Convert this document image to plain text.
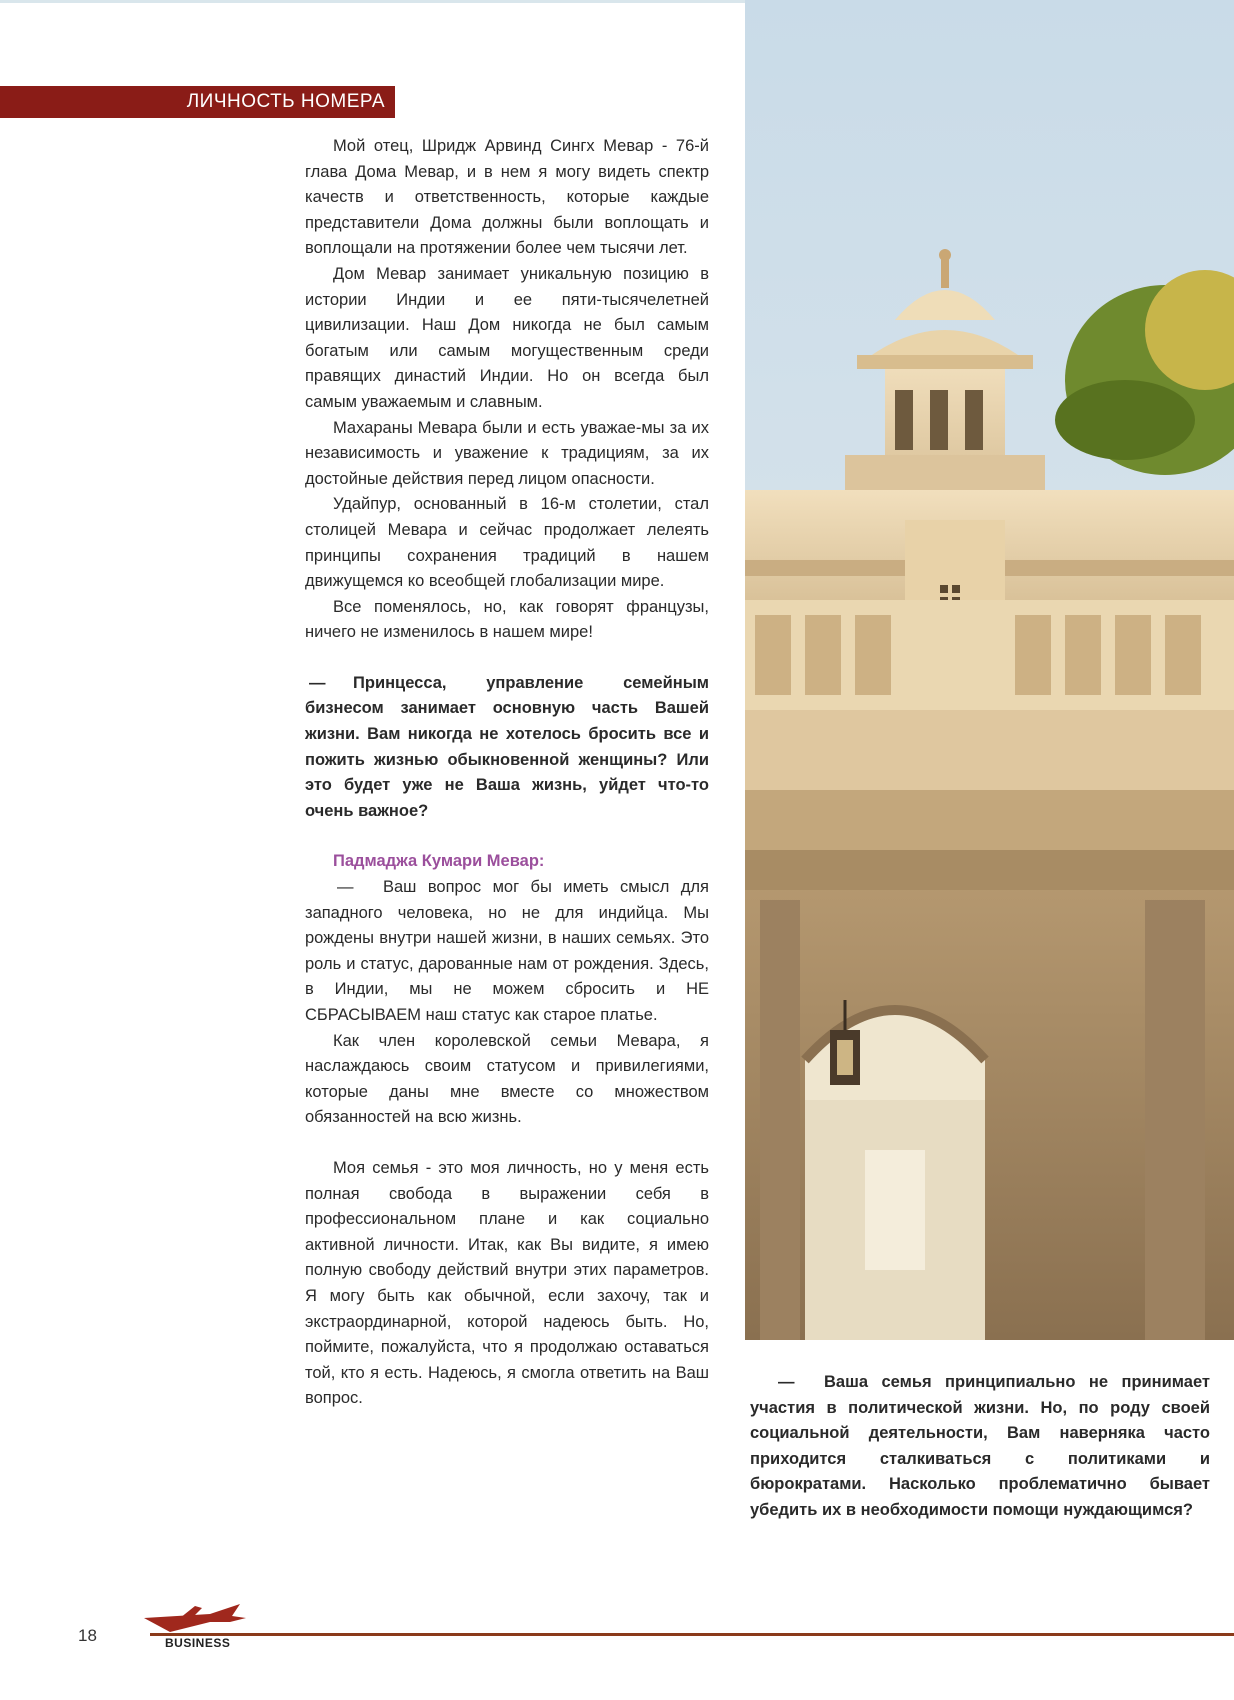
ЛИЧНОСТЬ НОМЕРА

Мой отец, Шридж Арвинд Сингх Мевар - 76-й глава Дома Мевар, и в нем я могу видеть спектр качеств и ответственность, которые каждые представители Дома должны были воплощать и воплощали на протяжении более чем тысячи лет.

Дом Мевар занимает уникальную позицию в истории Индии и ее пяти-тысячелетней цивилизации. Наш Дом никогда не был самым богатым или самым могущественным среди правящих династий Индии. Но он всегда был самым уважаемым и славным.

Махараны Мевара были и есть уважае-мы за их независимость и уважение к традициям, за их достойные действия перед лицом опасности.

Удайпур, основанный в 16-м столетии, стал столицей Мевара и сейчас продолжает лелеять принципы сохранения традиций в нашем движущемся ко всеобщей глобализации мире.

Все поменялось, но, как говорят французы, ничего не изменилось в нашем мире!

— Принцесса, управление семейным бизнесом занимает основную часть Вашей жизни. Вам никогда не хотелось бросить все и пожить жизнью обыкновенной женщины? Или это будет уже не Ваша жизнь, уйдет что-то очень важное?

Падмаджа Кумари Мевар:

— Ваш вопрос мог бы иметь смысл для западного человека, но не для индийца. Мы рождены внутри нашей жизни, в наших семьях. Это роль и статус, дарованные нам от рождения. Здесь, в Индии, мы не можем сбросить и НЕ СБРАСЫВАЕМ наш статус как старое платье.

Как член королевской семьи Мевара, я наслаждаюсь своим статусом и привилегиями, которые даны мне вместе со множеством обязанностей на всю жизнь.

Моя семья - это моя личность, но у меня есть полная свобода в выражении себя в профессиональном плане и как социально активной личности. Итак, как Вы видите, я имею полную свободу действий внутри этих параметров. Я могу быть как обычной, если захочу, так и экстраординарной, которой надеюсь быть. Но, поймите, пожалуйста, что я продолжаю оставаться той, кто я есть. Надеюсь, я смогла ответить на Ваш вопрос.

— Ваша семья принципиально не принимает участия в политической жизни. Но, по роду своей социальной деятельности, Вам наверняка часто приходится сталкиваться с политиками и бюрократами. Насколько проблематично бывает убедить их в необходимости помощи нуждающимся?

18	BUSINESS
